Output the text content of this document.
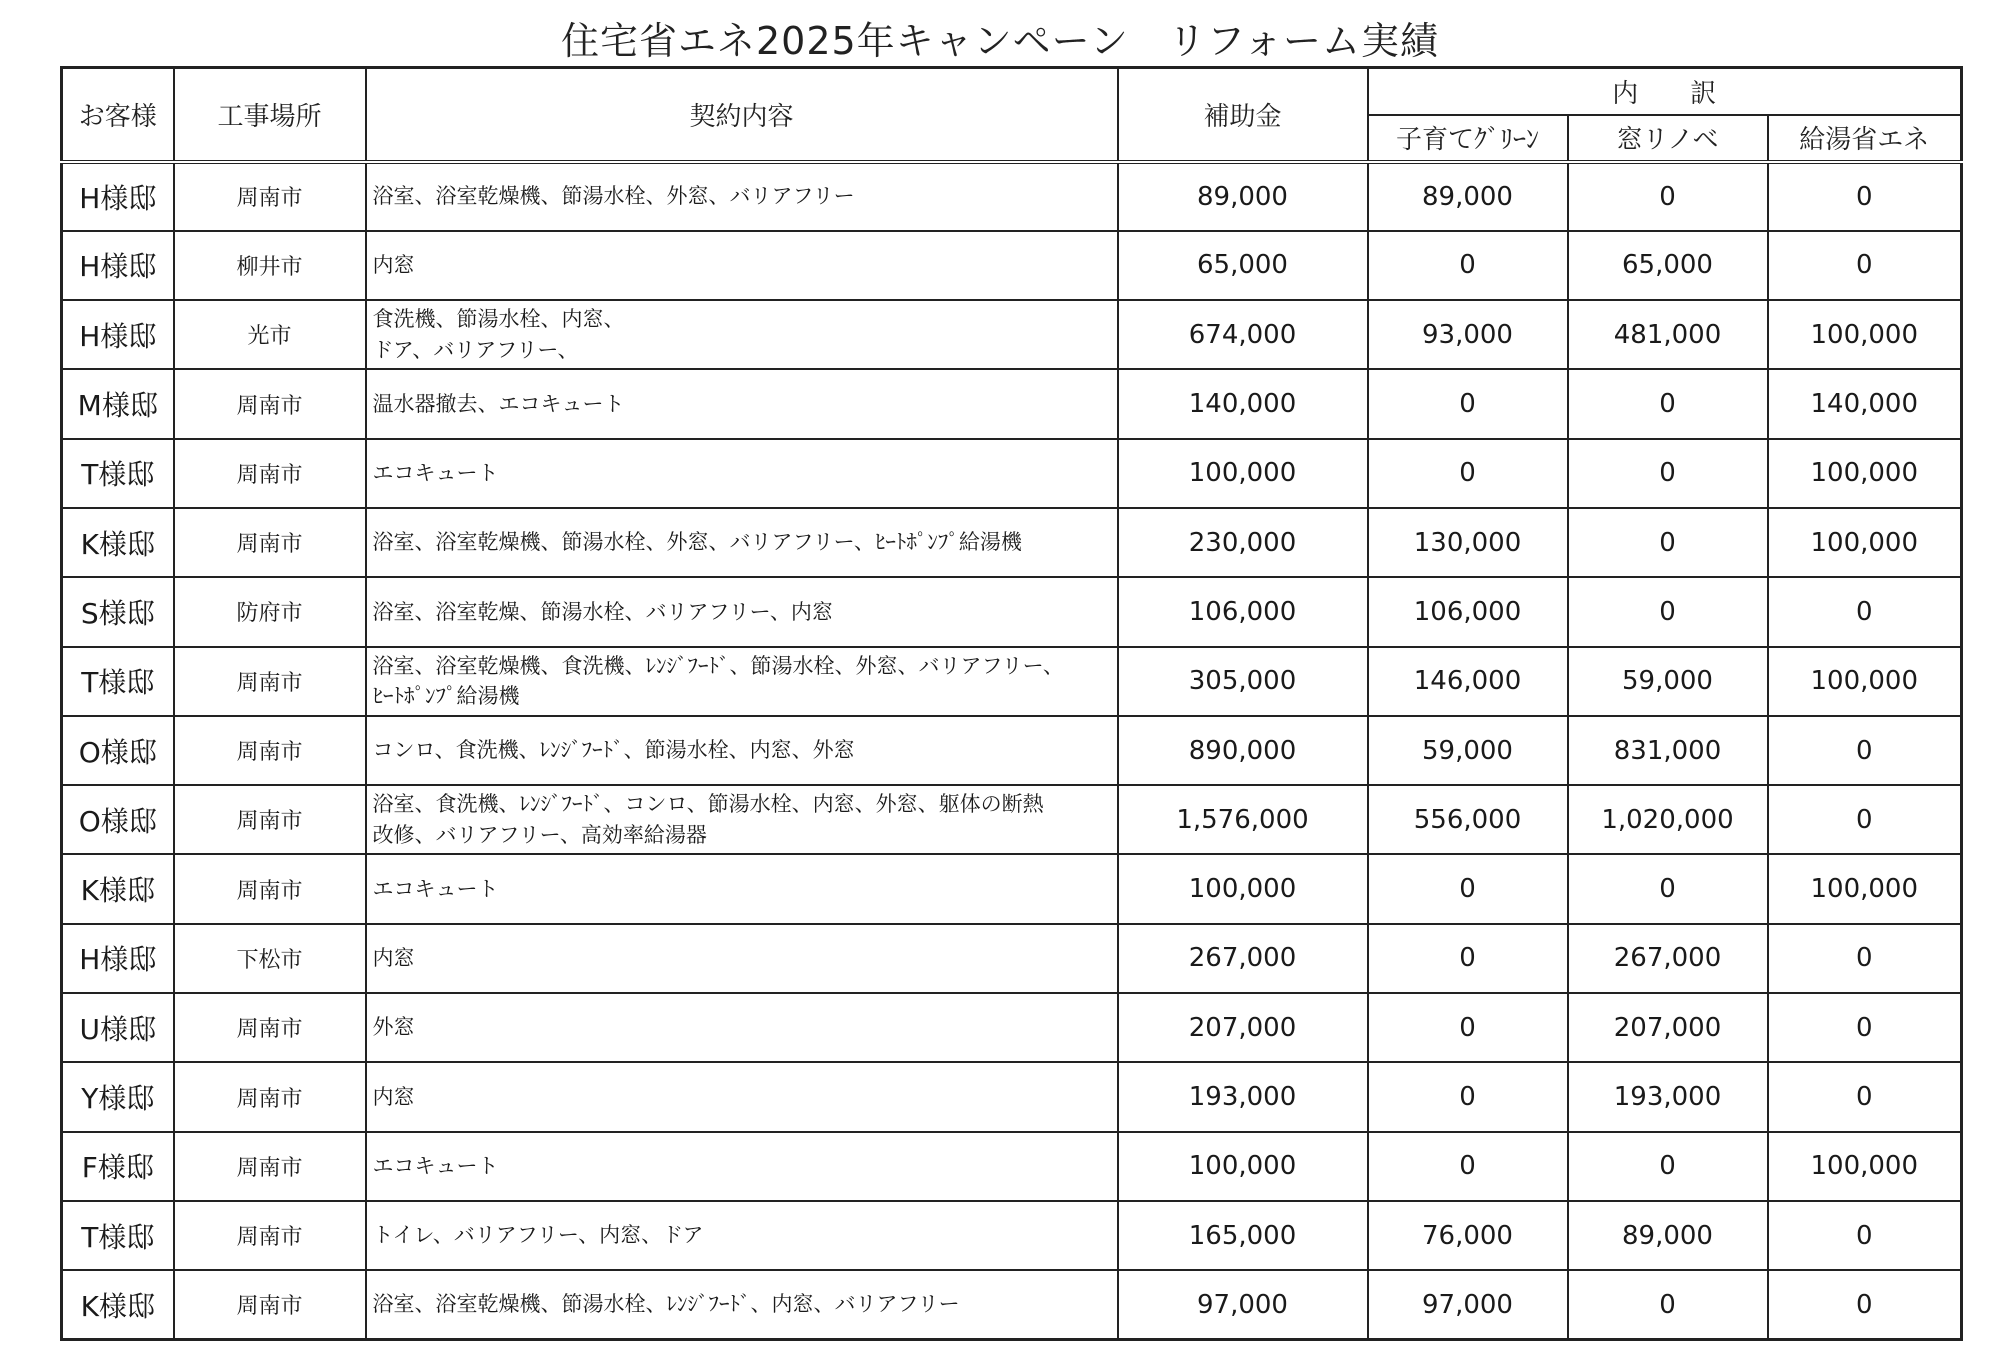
住宅省エネ2025年キャンペーン　リフォーム実績
お客様	工事場所	契約内容	補助金	内　　訳		
				子育てｸﾞﾘｰﾝ	窓リノベ	給湯省エネ
H様邸	周南市	浴室、浴室乾燥機、節湯水栓、外窓、バリアフリー	89,000	89,000	0	0
H様邸	柳井市	内窓	65,000	0	65,000	0
H様邸	光市	食洗機、節湯水栓、内窓、
ドア、バリアフリー、	674,000	93,000	481,000	100,000
M様邸	周南市	温水器撤去、エコキュート	140,000	0	0	140,000
T様邸	周南市	エコキュート	100,000	0	0	100,000
K様邸	周南市	浴室、浴室乾燥機、節湯水栓、外窓、バリアフリー、ﾋｰﾄﾎﾟﾝﾌﾟ給湯機	230,000	130,000	0	100,000
S様邸	防府市	浴室、浴室乾燥、節湯水栓、バリアフリー、内窓	106,000	106,000	0	0
T様邸	周南市	浴室、浴室乾燥機、食洗機、ﾚﾝｼﾞﾌｰﾄﾞ、節湯水栓、外窓、バリアフリー、
ﾋｰﾄﾎﾟﾝﾌﾟ給湯機	305,000	146,000	59,000	100,000
O様邸	周南市	コンロ、食洗機、ﾚﾝｼﾞﾌｰﾄﾞ、節湯水栓、内窓、外窓	890,000	59,000	831,000	0
O様邸	周南市	浴室、食洗機、ﾚﾝｼﾞﾌｰﾄﾞ、コンロ、節湯水栓、内窓、外窓、躯体の断熱
改修、バリアフリー、高効率給湯器	1,576,000	556,000	1,020,000	0
K様邸	周南市	エコキュート	100,000	0	0	100,000
H様邸	下松市	内窓	267,000	0	267,000	0
U様邸	周南市	外窓	207,000	0	207,000	0
Y様邸	周南市	内窓	193,000	0	193,000	0
F様邸	周南市	エコキュート	100,000	0	0	100,000
T様邸	周南市	トイレ、バリアフリー、内窓、ドア	165,000	76,000	89,000	0
K様邸	周南市	浴室、浴室乾燥機、節湯水栓、ﾚﾝｼﾞﾌｰﾄﾞ、内窓、バリアフリー	97,000	97,000	0	0
